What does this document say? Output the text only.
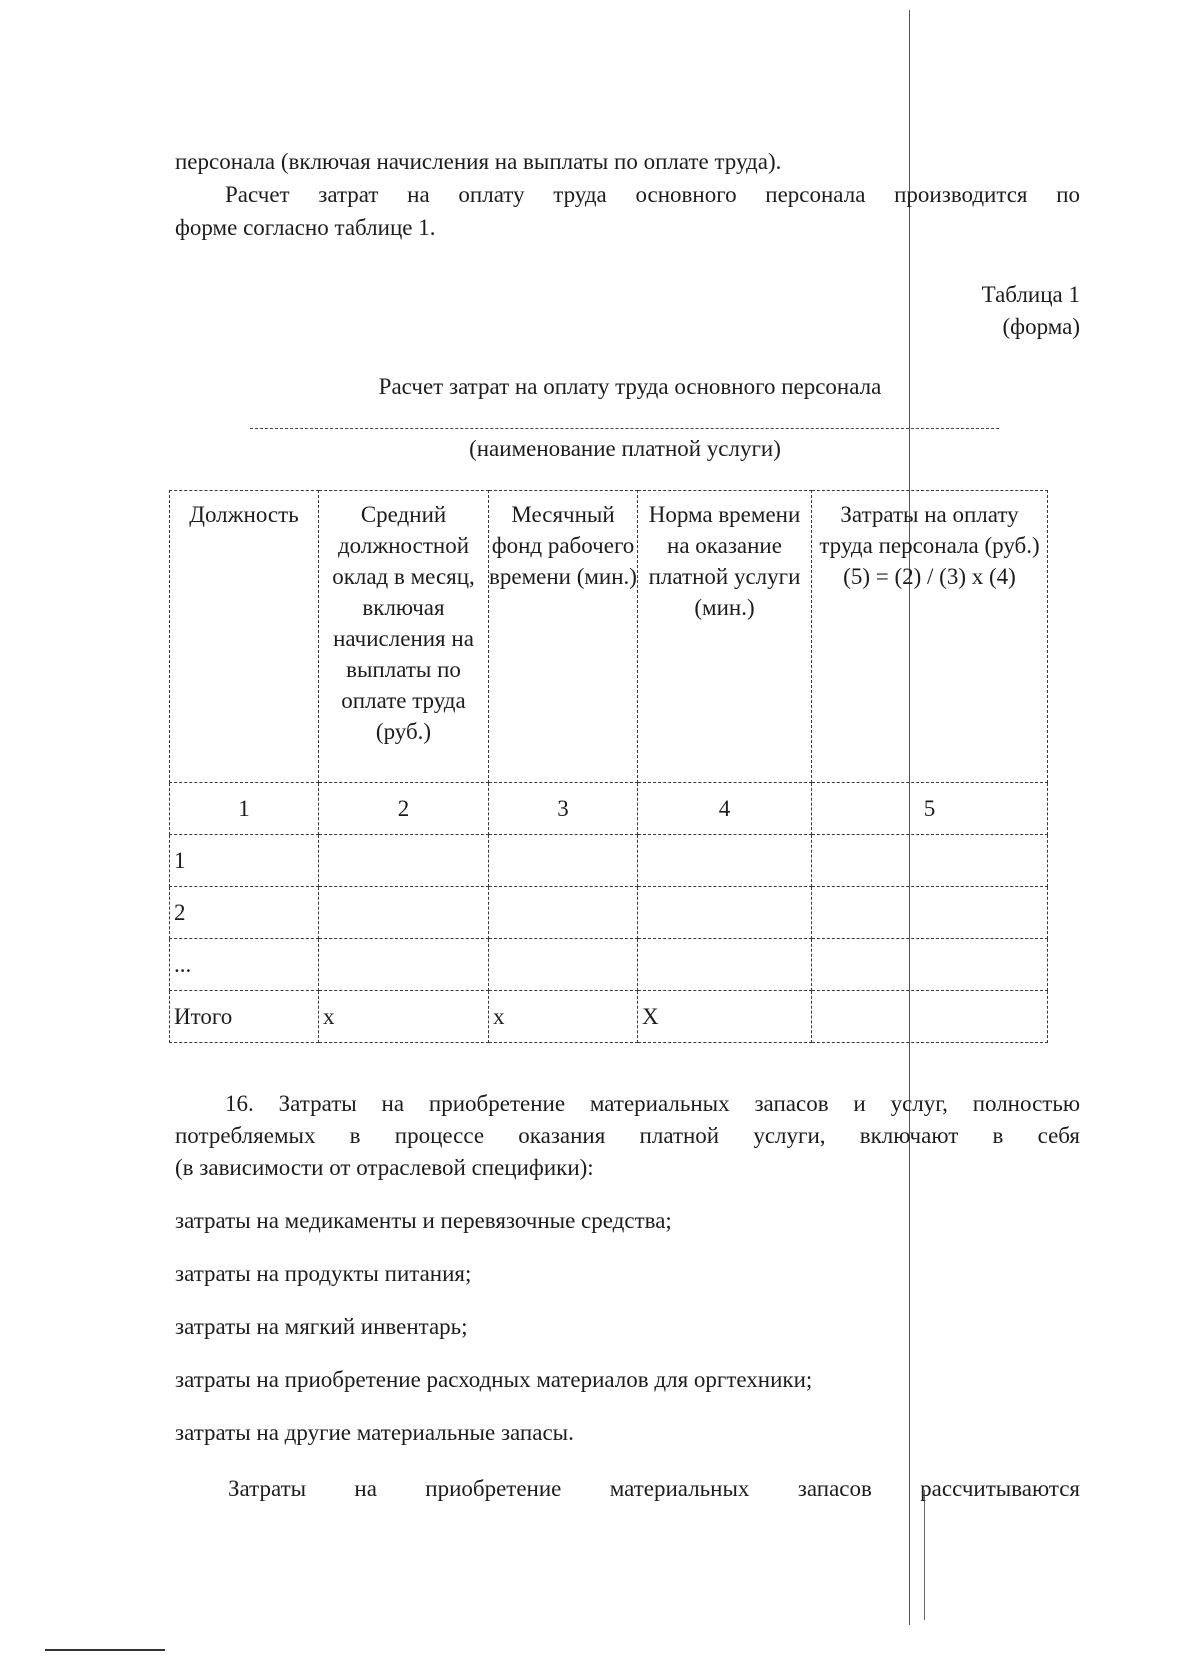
персонала (включая начисления на выплаты по оплате труда).

Расчет затрат на оплату труда основного персонала производится по

форме согласно таблице 1.

Таблица 1

(форма)

Расчет затрат на оплату труда основного персонала

(наименование платной услуги)

Должность	Средний должностной оклад в месяц, включая начисления на выплаты по оплате труда (руб.)	Месячный фонд рабочего времени (мин.)	Норма времени на оказание платной услуги (мин.)	Затраты на оплату труда персонала (руб.) (5) = (2) / (3) х (4)
1	2	3	4	5
1				
2				
...				
Итого	x	x	X	

16. Затраты на приобретение материальных запасов и услуг, полностью

потребляемых в процессе оказания платной услуги, включают в себя

(в зависимости от отраслевой специфики):

затраты на медикаменты и перевязочные средства;

затраты на продукты питания;

затраты на мягкий инвентарь;

затраты на приобретение расходных материалов для оргтехники;

затраты на другие материальные запасы.

Затраты на приобретение материальных запасов рассчитываются
